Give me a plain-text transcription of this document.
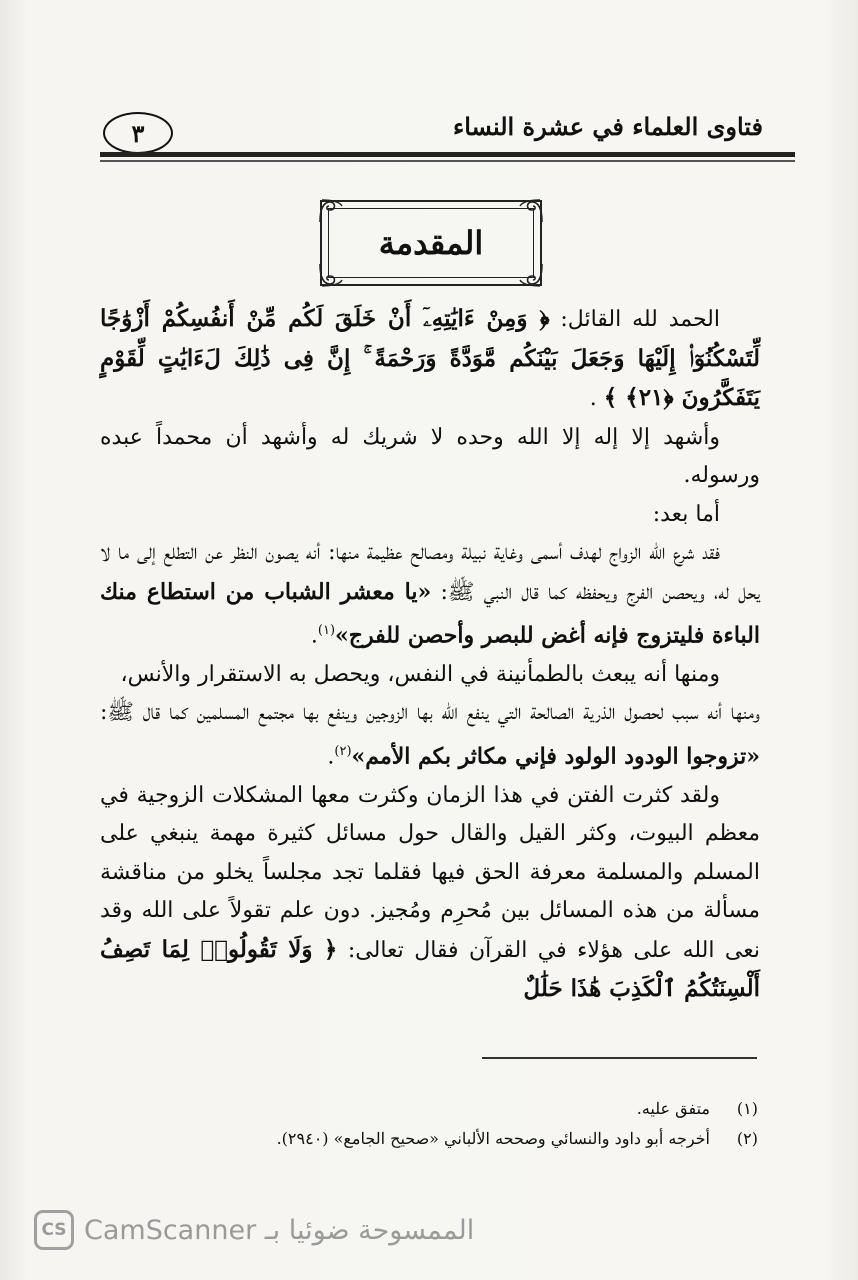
فتاوى العلماء في عشرة النساء
٣
المقدمة

الحمد لله القائل: ﴿ وَمِنْ ءَايَٰتِهِۦٓ أَنْ خَلَقَ لَكُم مِّنْ أَنفُسِكُمْ أَزْوَٰجًا لِّتَسْكُنُوٓا۟ إِلَيْهَا وَجَعَلَ بَيْنَكُم مَّوَدَّةً وَرَحْمَةً ۚ إِنَّ فِى ذَٰلِكَ لَءَايَٰتٍ لِّقَوْمٍ يَتَفَكَّرُونَ ﴿٢١﴾ ﴾ .

وأشهد إلا إله إلا الله وحده لا شريك له وأشهد أن محمداً عبده ورسوله.

أما بعد:

فقد شرع الله الزواج لهدف أسمى وغاية نبيلة ومصالح عظيمة منها: أنه يصون النظر عن التطلع إلى ما لا يحل له، ويحصن الفرج ويحفظه كما قال النبي ﷺ: «يا معشر الشباب من استطاع منك الباءة فليتزوج فإنه أغض للبصر وأحصن للفرج»$^{(١)}$.

ومنها أنه يبعث بالطمأنينة في النفس، ويحصل به الاستقرار والأنس،

ومنها أنه سبب لحصول الذرية الصالحة التي ينفع الله بها الزوجين وينفع بها مجتمع المسلمين كما قال ﷺ: «تزوجوا الودود الولود فإني مكاثر بكم الأمم»$^{(٢)}$.

ولقد كثرت الفتن في هذا الزمان وكثرت معها المشكلات الزوجية في معظم البيوت، وكثر القيل والقال حول مسائل كثيرة مهمة ينبغي على المسلم والمسلمة معرفة الحق فيها فقلما تجد مجلساً يخلو من مناقشة مسألة من هذه المسائل بين مُحرِم ومُجيز. دون علم تقولاً على الله وقد نعى الله على هؤلاء في القرآن فقال تعالى: ﴿ وَلَا تَقُولُوا۟ لِمَا تَصِفُ أَلْسِنَتُكُمُ ٱلْكَذِبَ هَٰذَا حَلَٰلٌ

(١)
متفق عليه.
(٢)
أخرجه أبو داود والنسائي وصححه الألباني «صحيح الجامع» (٢٩٤٠).
CS CamScanner الممسوحة ضوئيا بـ
